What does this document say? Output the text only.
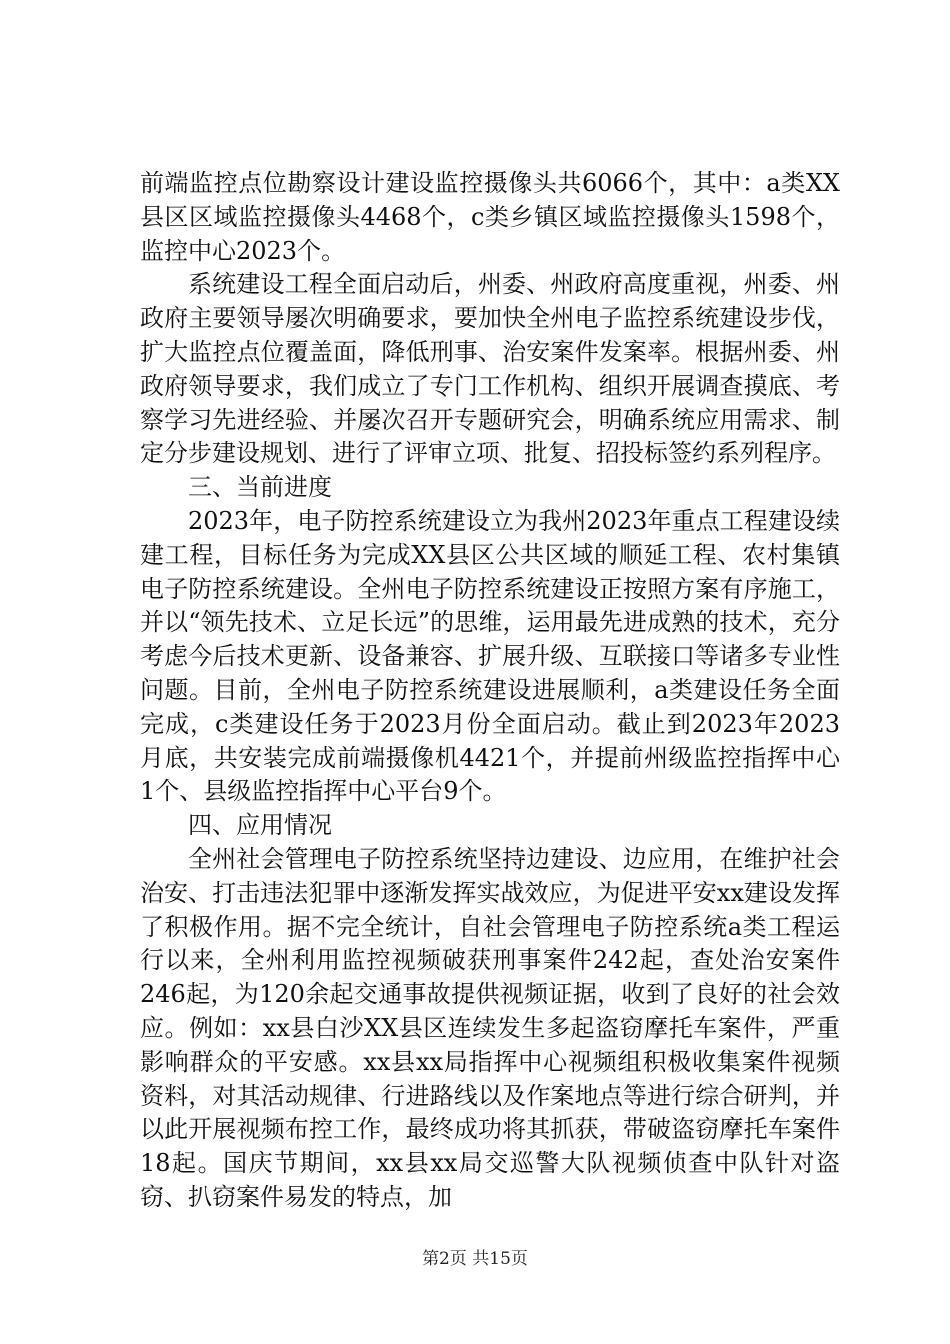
前端监控点位勘察设计建设监控摄像头共6066个，其中：a类XX县区区域监控摄像头4468个，c类乡镇区域监控摄像头1598个，监控中心2023个。

系统建设工程全面启动后，州委、州政府高度重视，州委、州政府主要领导屡次明确要求，要加快全州电子监控系统建设步伐，扩大监控点位覆盖面，降低刑事、治安案件发案率。根据州委、州政府领导要求，我们成立了专门工作机构、组织开展调查摸底、考察学习先进经验、并屡次召开专题研究会，明确系统应用需求、制定分步建设规划、进行了评审立项、批复、招投标签约系列程序。

三、当前进度

2023年，电子防控系统建设立为我州2023年重点工程建设续建工程，目标任务为完成XX县区公共区域的顺延工程、农村集镇电子防控系统建设。全州电子防控系统建设正按照方案有序施工，并以“领先技术、立足长远”的思维，运用最先进成熟的技术，充分考虑今后技术更新、设备兼容、扩展升级、互联接口等诸多专业性问题。目前，全州电子防控系统建设进展顺利，a类建设任务全面完成，c类建设任务于2023月份全面启动。截止到2023年2023月底，共安装完成前端摄像机4421个，并提前州级监控指挥中心1个、县级监控指挥中心平台9个。

四、应用情况

全州社会管理电子防控系统坚持边建设、边应用，在维护社会治安、打击违法犯罪中逐渐发挥实战效应，为促进平安xx建设发挥了积极作用。据不完全统计，自社会管理电子防控系统a类工程运行以来，全州利用监控视频破获刑事案件242起，查处治安案件246起，为120余起交通事故提供视频证据，收到了良好的社会效应。例如：xx县白沙XX县区连续发生多起盗窃摩托车案件，严重影响群众的平安感。xx县xx局指挥中心视频组积极收集案件视频资料，对其活动规律、行进路线以及作案地点等进行综合研判，并以此开展视频布控工作，最终成功将其抓获，带破盗窃摩托车案件18起。国庆节期间，xx县xx局交巡警大队视频侦查中队针对盗窃、扒窃案件易发的特点，加

第2页 共15页
